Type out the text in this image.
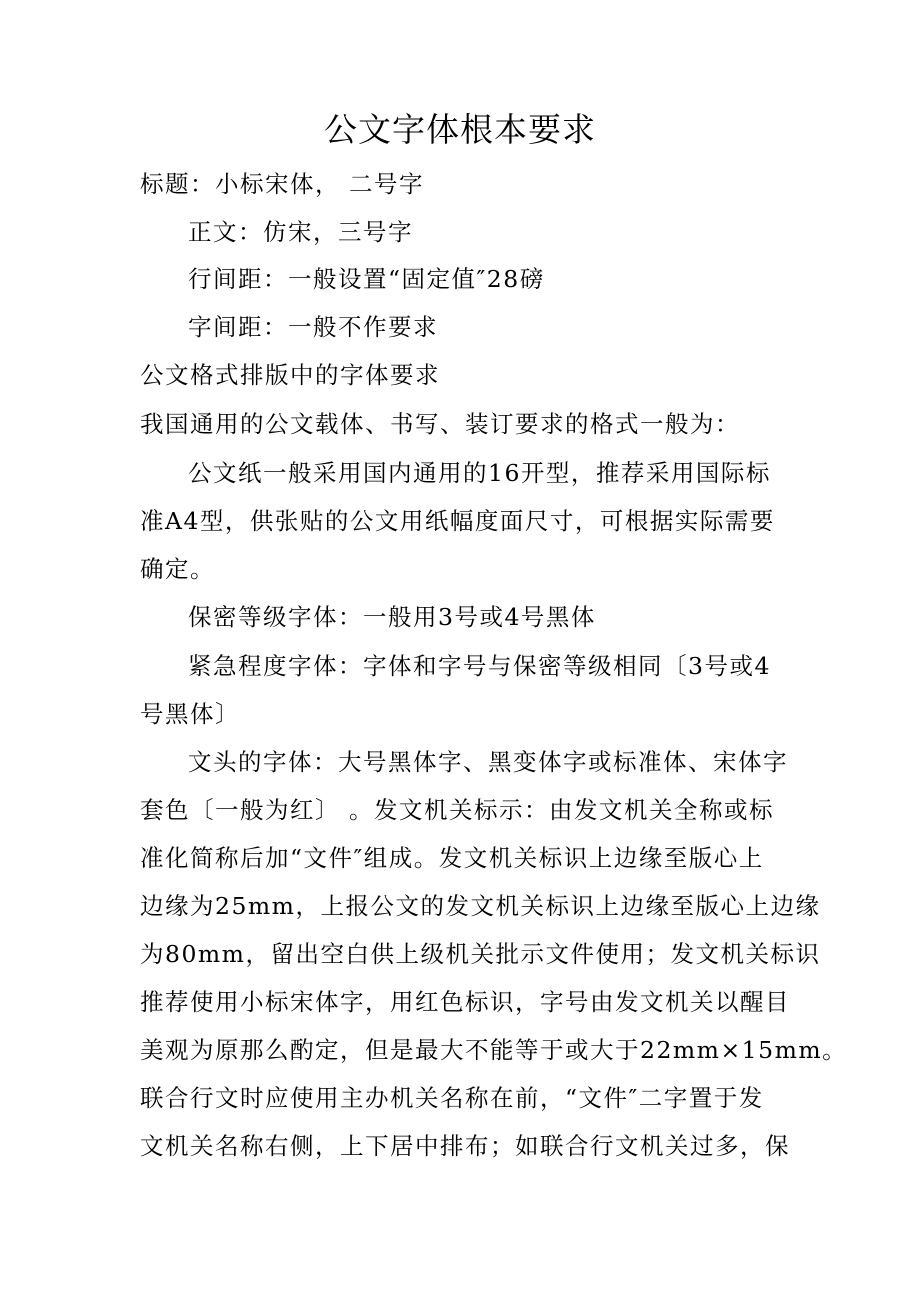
公文字体根本要求
标题：小标宋体， 二号字
正文：仿宋，三号字
行间距：一般设置“固定值″28磅
字间距：一般不作要求
公文格式排版中的字体要求
我国通用的公文载体、书写、装订要求的格式一般为：
公文纸一般采用国内通用的16开型，推荐采用国际标
准A4型，供张贴的公文用纸幅度面尺寸，可根据实际需要
确定。
保密等级字体：一般用3号或4号黑体
紧急程度字体：字体和字号与保密等级相同〔3号或4
号黑体〕
文头的字体：大号黑体字、黑变体字或标准体、宋体字
套色〔一般为红〕 。发文机关标示：由发文机关全称或标
准化简称后加“文件″组成。发文机关标识上边缘至版心上
边缘为25mm，上报公文的发文机关标识上边缘至版心上边缘
为80mm，留出空白供上级机关批示文件使用；发文机关标识
推荐使用小标宋体字，用红色标识，字号由发文机关以醒目
美观为原那么酌定，但是最大不能等于或大于22mm×15mm。
联合行文时应使用主办机关名称在前，“文件″二字置于发
文机关名称右侧，上下居中排布；如联合行文机关过多，保
